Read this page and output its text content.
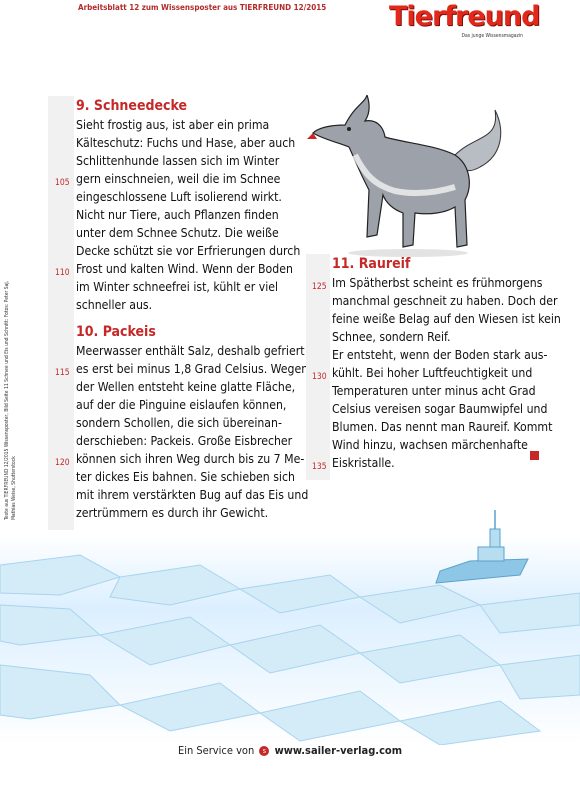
Arbeitsblatt 12 zum Wissensposter aus TIERFREUND 12/2015 Tierfreund
Das junge Wissensmagazin
Texte aus TIERFREUND 12/2015 Wissensposter, Bild Seite 11 Schnee und Eis und Schnitt: Fotos: Peter Saj, Mathias Weise, Shutterstock
9. Schneedecke
Sieht frostig aus, ist aber ein prima
Kälteschutz: Fuchs und Hase, aber auch
Schlittenhunde lassen sich im Winter
105 gern einschneien, weil die im Schnee
eingeschlossene Luft isolierend wirkt.
Nicht nur Tiere, auch Pflanzen finden
unter dem Schnee Schutz. Die weiße
Decke schützt sie vor Erfrierungen durch
110 Frost und kalten Wind. Wenn der Boden
im Winter schneefrei ist, kühlt er viel
schneller aus.
10. Packeis
Meerwasser enthält Salz, deshalb gefriert
115 es erst bei minus 1,8 Grad Celsius. Wegen
der Wellen entsteht keine glatte Fläche,
auf der die Pinguine eislaufen können,
sondern Schollen, die sich übereinan-
derschieben: Packeis. Große Eisbrecher
120 können sich ihren Weg durch bis zu 7 Me-
ter dickes Eis bahnen. Sie schieben sich
mit ihrem verstärkten Bug auf das Eis und
zertrümmern es durch ihr Gewicht.
11. Raureif
125 Im Spätherbst scheint es frühmorgens
manchmal geschneit zu haben. Doch der
feine weiße Belag auf den Wiesen ist kein
Schnee, sondern Reif.
Er entsteht, wenn der Boden stark aus-
130 kühlt. Bei hoher Luftfeuchtigkeit und
Temperaturen unter minus acht Grad
Celsius vereisen sogar Baumwipfel und
Blumen. Das nennt man Raureif. Kommt
Wind hinzu, wachsen märchenhafte
135 Eiskristalle.
Ein Service von s www.sailer-verlag.com
